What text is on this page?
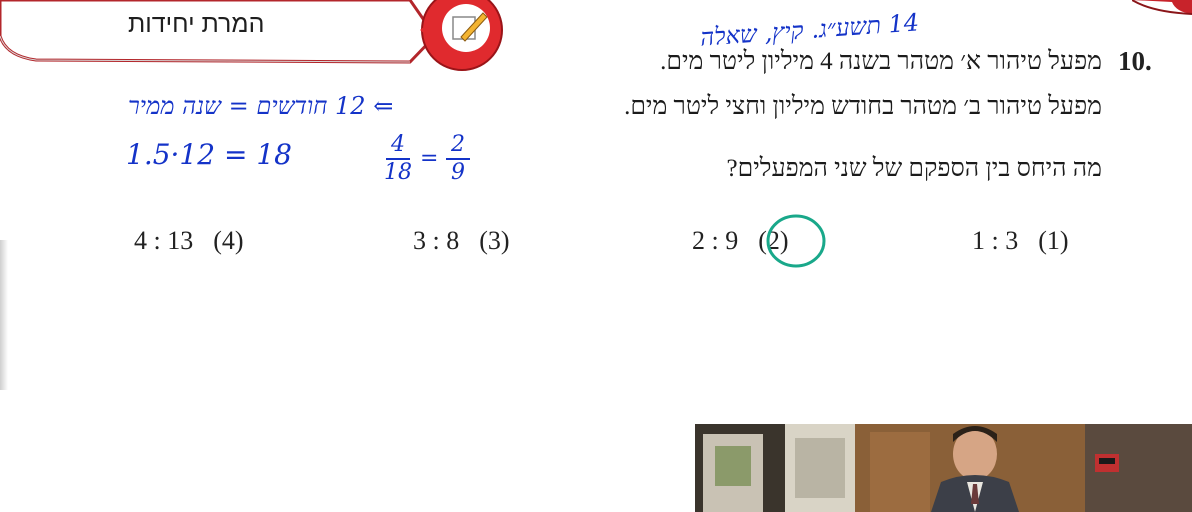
המרת יחידות
10.
מפעל טיהור א׳ מטהר בשנה 4 מיליון ליטר מים.
מפעל טיהור ב׳ מטהר בחודש מיליון וחצי ליטר מים.
מה היחס בין הספקם של שני המפעלים?
1 : 3 (1)
2 : 9 (2)
3 : 8 (3)
4 : 13 (4)
14 תשע״ג. קיץ, שאלה
⇐ 12 חודשים = שנה ממיר
1.5·12 = 18	4
18
=
2
9
